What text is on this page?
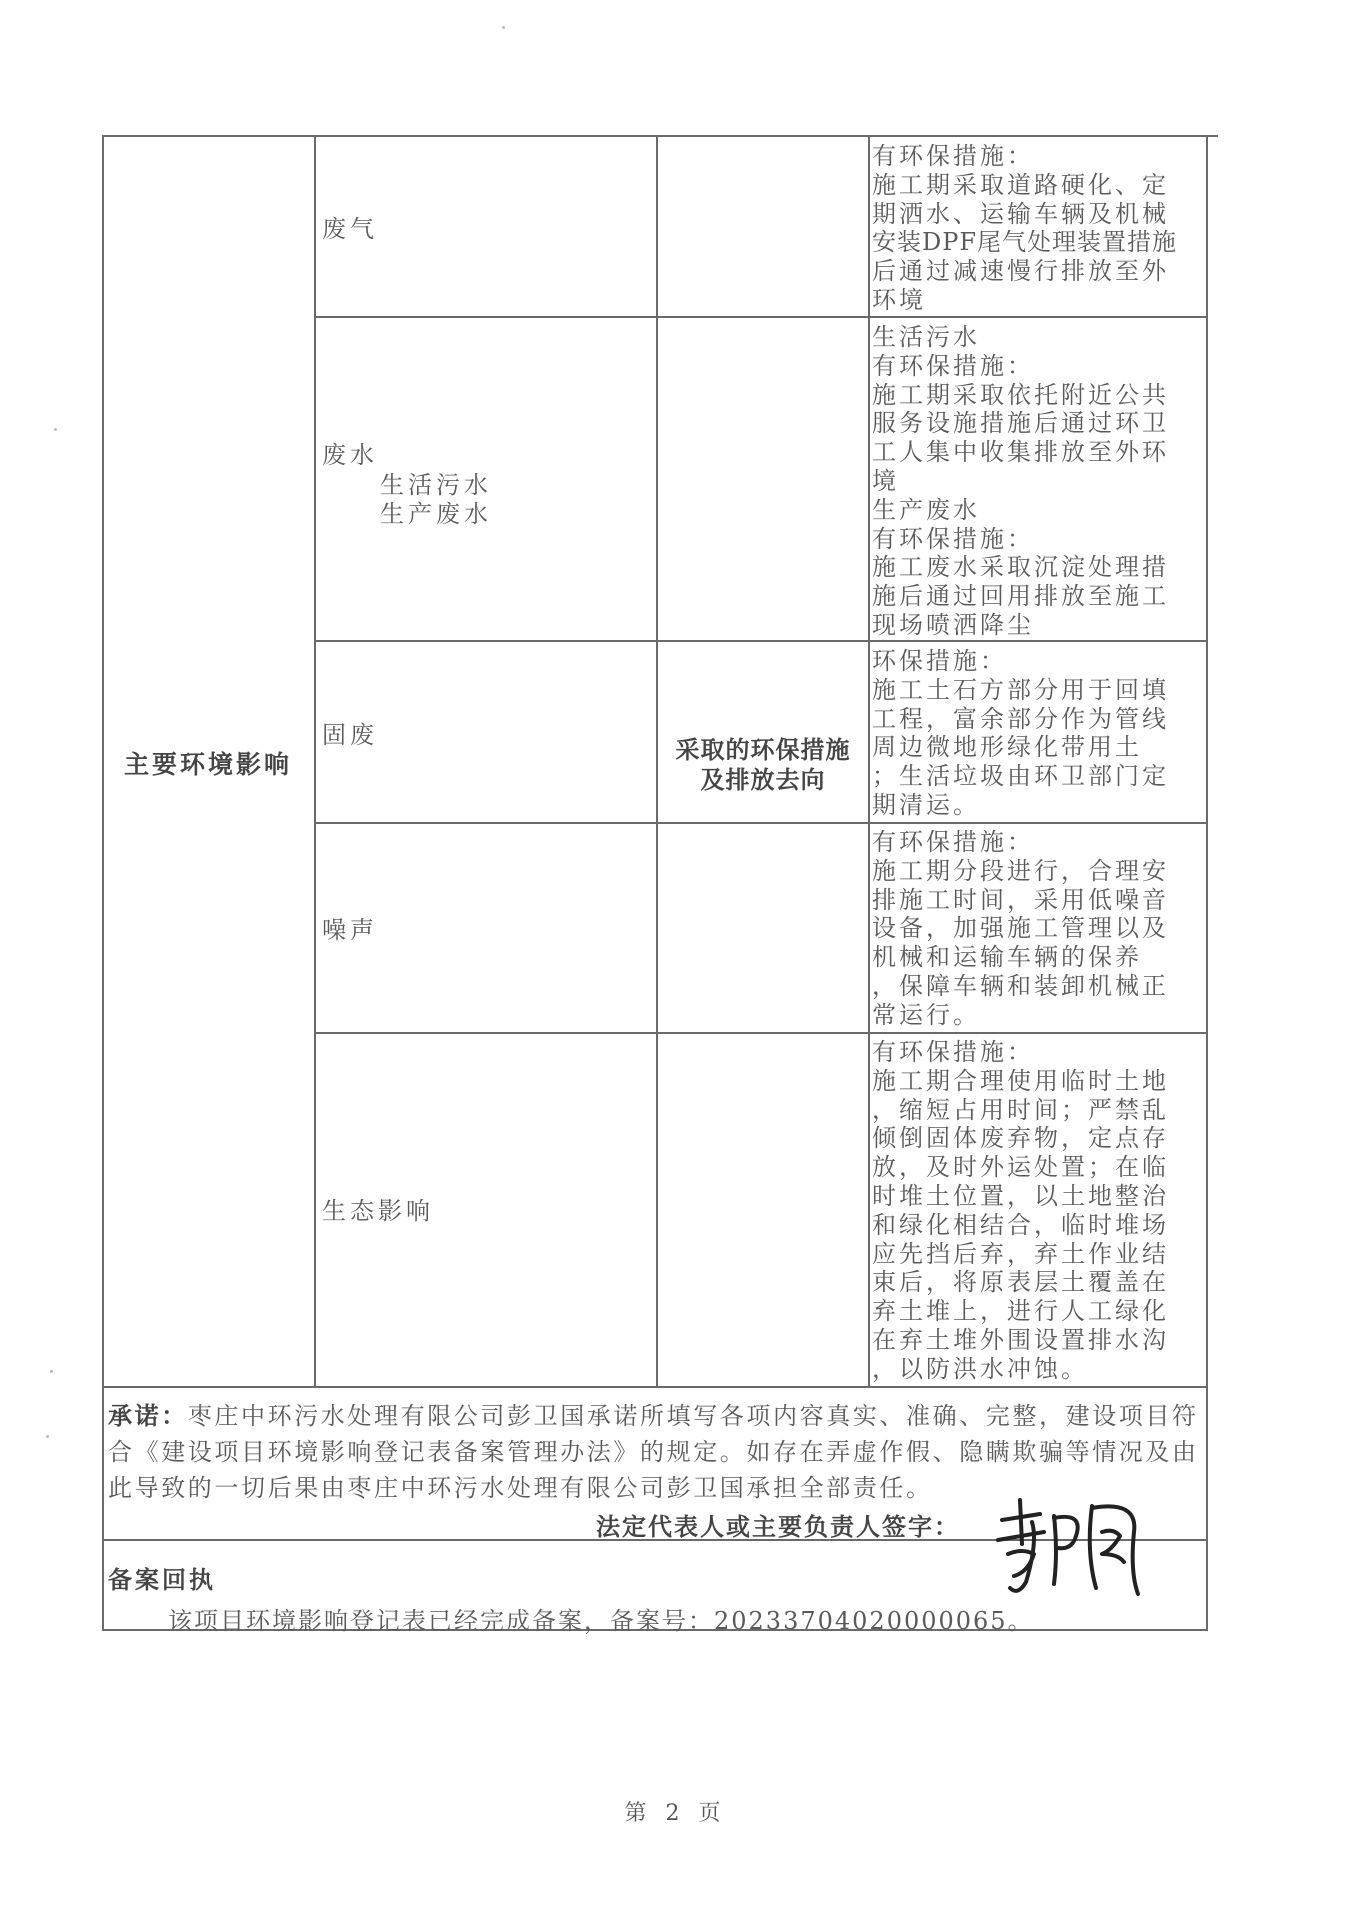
主要环境影响
废气
废水
生活污水
生产废水
固废
噪声
生态影响
采取的环保措施
及排放去向
有环保措施：
施工期采取道路硬化、定
期洒水、运输车辆及机械
安装DPF尾气处理装置措施
后通过减速慢行排放至外
环境
生活污水
有环保措施：
施工期采取依托附近公共
服务设施措施后通过环卫
工人集中收集排放至外环
境
生产废水
有环保措施：
施工废水采取沉淀处理措
施后通过回用排放至施工
现场喷洒降尘
环保措施：
施工土石方部分用于回填
工程，富余部分作为管线
周边微地形绿化带用土
；生活垃圾由环卫部门定
期清运。
有环保措施：
施工期分段进行，合理安
排施工时间，采用低噪音
设备，加强施工管理以及
机械和运输车辆的保养
，保障车辆和装卸机械正
常运行。
有环保措施：
施工期合理使用临时土地
，缩短占用时间；严禁乱
倾倒固体废弃物，定点存
放，及时外运处置；在临
时堆土位置，以土地整治
和绿化相结合，临时堆场
应先挡后弃，弃土作业结
束后，将原表层土覆盖在
弃土堆上，进行人工绿化
在弃土堆外围设置排水沟
，以防洪水冲蚀。
承诺：枣庄中环污水处理有限公司彭卫国承诺所填写各项内容真实、准确、完整，建设项目符合《建设项目环境影响登记表备案管理办法》的规定。如存在弄虚作假、隐瞒欺骗等情况及由此导致的一切后果由枣庄中环污水处理有限公司彭卫国承担全部责任。
法定代表人或主要负责人签字：
备案回执
该项目环境影响登记表已经完成备案，备案号：20233704020000065。
第 2 页
